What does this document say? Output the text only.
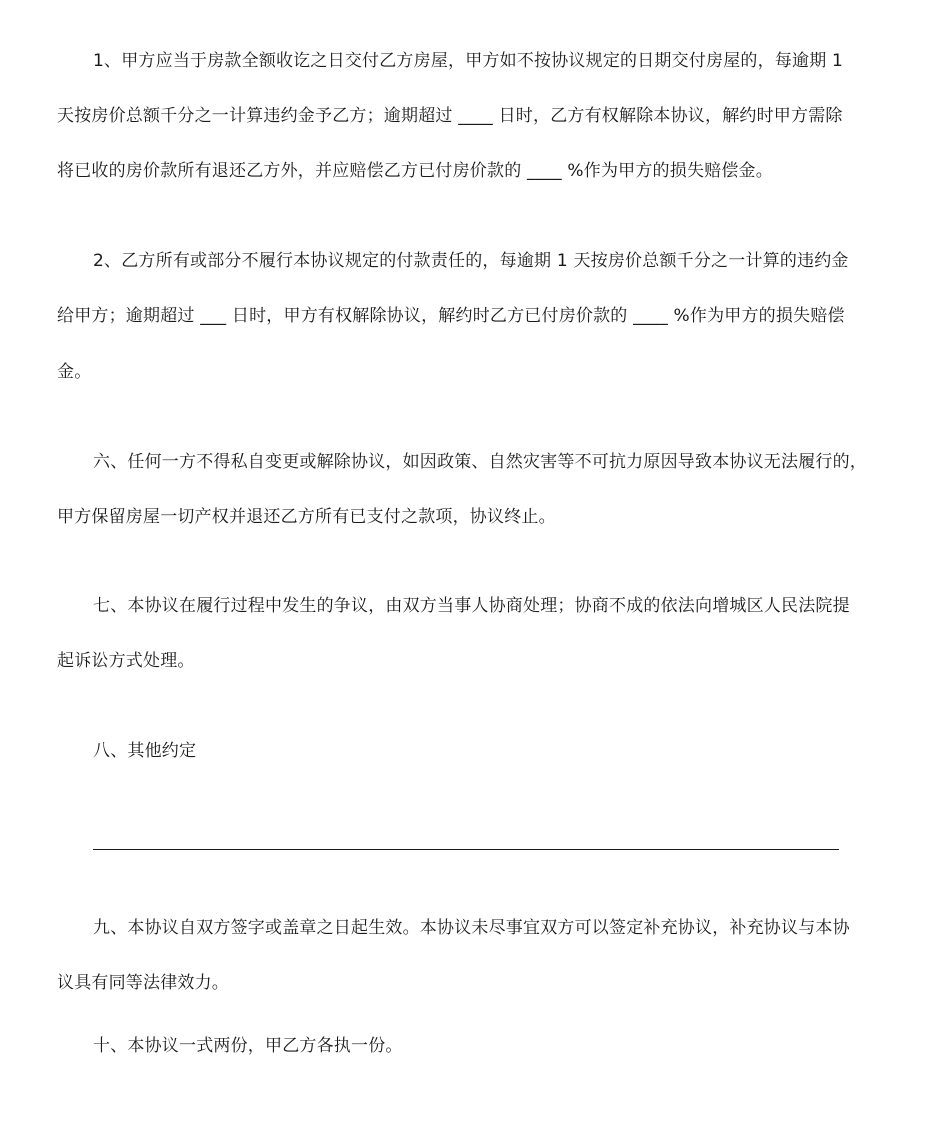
1、甲方应当于房款全额收讫之日交付乙方房屋，甲方如不按协议规定的日期交付房屋的，每逾期 1
天按房价总额千分之一计算违约金予乙方；逾期超过 ____ 日时，乙方有权解除本协议，解约时甲方需除
将已收的房价款所有退还乙方外，并应赔偿乙方已付房价款的 ____ %作为甲方的损失赔偿金。
2、乙方所有或部分不履行本协议规定的付款责任的，每逾期 1 天按房价总额千分之一计算的违约金
给甲方；逾期超过 ___ 日时，甲方有权解除协议，解约时乙方已付房价款的 ____ %作为甲方的损失赔偿
金。
六、任何一方不得私自变更或解除协议，如因政策、自然灾害等不可抗力原因导致本协议无法履行的，
甲方保留房屋一切产权并退还乙方所有已支付之款项，协议终止。
七、本协议在履行过程中发生的争议，由双方当事人协商处理；协商不成的依法向增城区人民法院提
起诉讼方式处理。
八、其他约定
九、本协议自双方签字或盖章之日起生效。本协议未尽事宜双方可以签定补充协议，补充协议与本协
议具有同等法律效力。
十、本协议一式两份，甲乙方各执一份。
